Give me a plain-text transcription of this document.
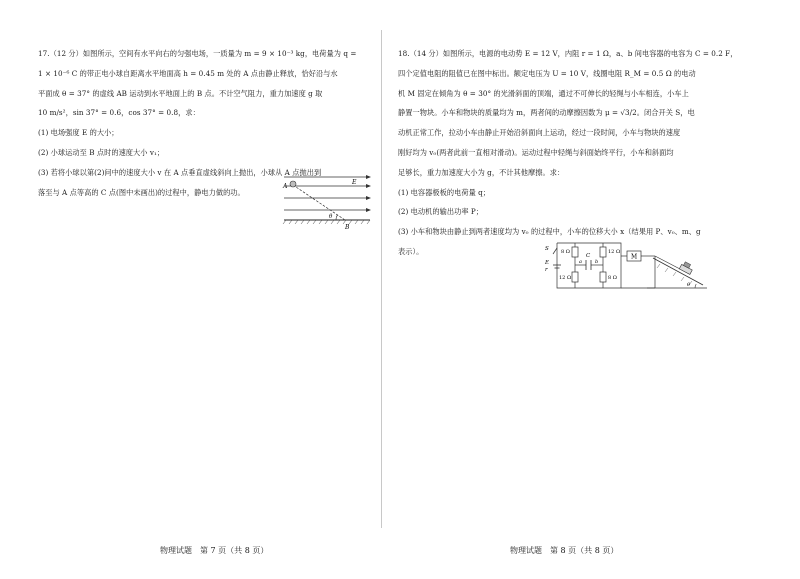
17.（12 分）如图所示，空间有水平向右的匀强电场，一质量为 m = 9 × 10⁻³ kg，电荷量为 q =
1 × 10⁻⁶ C 的带正电小球自距离水平地面高 h = 0.45 m 处的 A 点由静止释放，恰好沿与水
平面成 θ = 37° 的虚线 AB 运动到水平地面上的 B 点。不计空气阻力，重力加速度 g 取
10 m/s²，sin 37° = 0.6，cos 37° = 0.8，求：
(1) 电场强度 E 的大小；
(2) 小球运动至 B 点时的速度大小 v₁；
(3) 若将小球以第(2)问中的速度大小 v 在 A 点垂直虚线斜向上抛出，小球从 A 点抛出到
落至与 A 点等高的 C 点(图中未画出)的过程中，静电力做的功。
A
E
θ
B
18.（14 分）如图所示，电源的电动势 E = 12 V，内阻 r = 1 Ω，a、b 间电容器的电容为 C = 0.2 F，
四个定值电阻的阻值已在图中标出。额定电压为 U = 10 V，线圈电阻 R_M = 0.5 Ω 的电动
机 M 固定在倾角为 θ = 30° 的光滑斜面的顶端，通过不可伸长的轻绳与小车相连，小车上
静置一物块。小车和物块的质量均为 m，两者间的动摩擦因数为 μ = √3/2。闭合开关 S，电
动机正常工作，拉动小车由静止开始沿斜面向上运动，经过一段时间，小车与物块的速度
刚好均为 v₀(两者此前一直相对滑动)。运动过程中轻绳与斜面始终平行，小车和斜面均
足够长，重力加速度大小为 g，不计其他摩擦。求：
(1) 电容器极板的电荷量 q；
(2) 电动机的输出功率 P；
(3) 小车和物块由静止到两者速度均为 v₀ 的过程中，小车的位移大小 x（结果用 P、v₀、m、g
表示）。	S
E
r
8 Ω
12 Ω
12 Ω
8 Ω
C
a	b
M
θ
物理试题　第 7 页（共 8 页）	物理试题　第 8 页（共 8 页）
